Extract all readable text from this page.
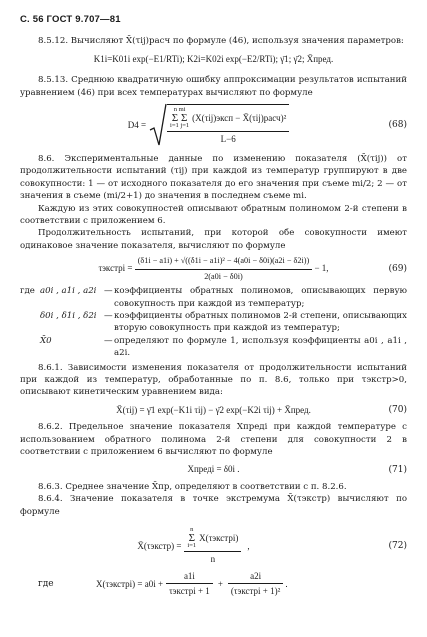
С. 56 ГОСТ 9.707—81

8.5.12. Вычисляют X̄(τij)расч по формуле (46), используя значения параметров:

K1i=K01i exp(−E1/RTi); K2i=K02i exp(−E2/RTi); γ̄1; γ̄2; X̄пред.

8.5.13. Среднюю квадратичную ошибку аппроксимации результатов испытаний уравнением (46) при всех температурах вычисляют по формуле

D4 =
n mi
Σ Σ
i=1 j=1
(X(τij)эксп − X̄(τij)расч)²
L−6
(68)

8.6. Экспериментальные данные по изменению показателя (X̄(τij)) от продолжительности испытаний (τij) при каждой из температур группируют в две совокупности: 1 — от исходного показателя до его значения при съеме mi/2; 2 — от значения в съеме (mi/2+1) до значения в последнем съеме mi.

Каждую из этих совокупностей описывают обратным полиномом 2-й степени в соответствии с приложением 6.

Продолжительность испытаний, при которой обе совокупности имеют одинаковое значение показателя, вычисляют по формуле

τэкстрi = $\frac{\text{(δ1i − a1i) + √((δ1i − a1i)² − 4(a0i − δ0i)(a2i − δ2i))}}{2(a0i - \delta 0i)} - 1$,	(69)
где a0i , a1i , a2i — коэффициенты обратных полиномов, описывающих первую совокупность при каждой из температур;
δ0i , δ1i , δ2i — коэффициенты обратных полиномов 2-й степени, описывающих вторую совокупность при каждой из температур;
X̄0	— определяют по формуле 1, используя коэффициенты a0i , a1i , a2i.

8.6.1. Зависимости изменения показателя от продолжительности испытаний при каждой из температур, обработанные по п. 8.6, только при τэкстр>0, описывают кинетическим уравнением вида:

X̄(τij) = γ̄1 exp(−K1i τij) − γ̄2 exp(−K2i τij) + X̄пред.	(70)

8.6.2. Предельное значение показателя Xпредi при каждой температуре с использованием обратного полинома 2-й степени для совокупности 2 в соответствии с приложением 6 вычисляют по формуле

Xпредi = δ0i .	(71)

8.6.3. Среднее значение X̄пр, определяют в соответствии с п. 8.2.6.

8.6.4. Значение показателя в точке экстремума X̄(τэкстр) вычисляют по формуле

X̄(τэкстр) =
n
Σ
i=1
X(τэкстрi)
n
,	(72)
где	X(τэкстрi) = $a0i + \frac{a1i}{\text{τэкстрi + 1}} + \frac{a2i}{\text{(τэкстрi + 1)²}}$ .
